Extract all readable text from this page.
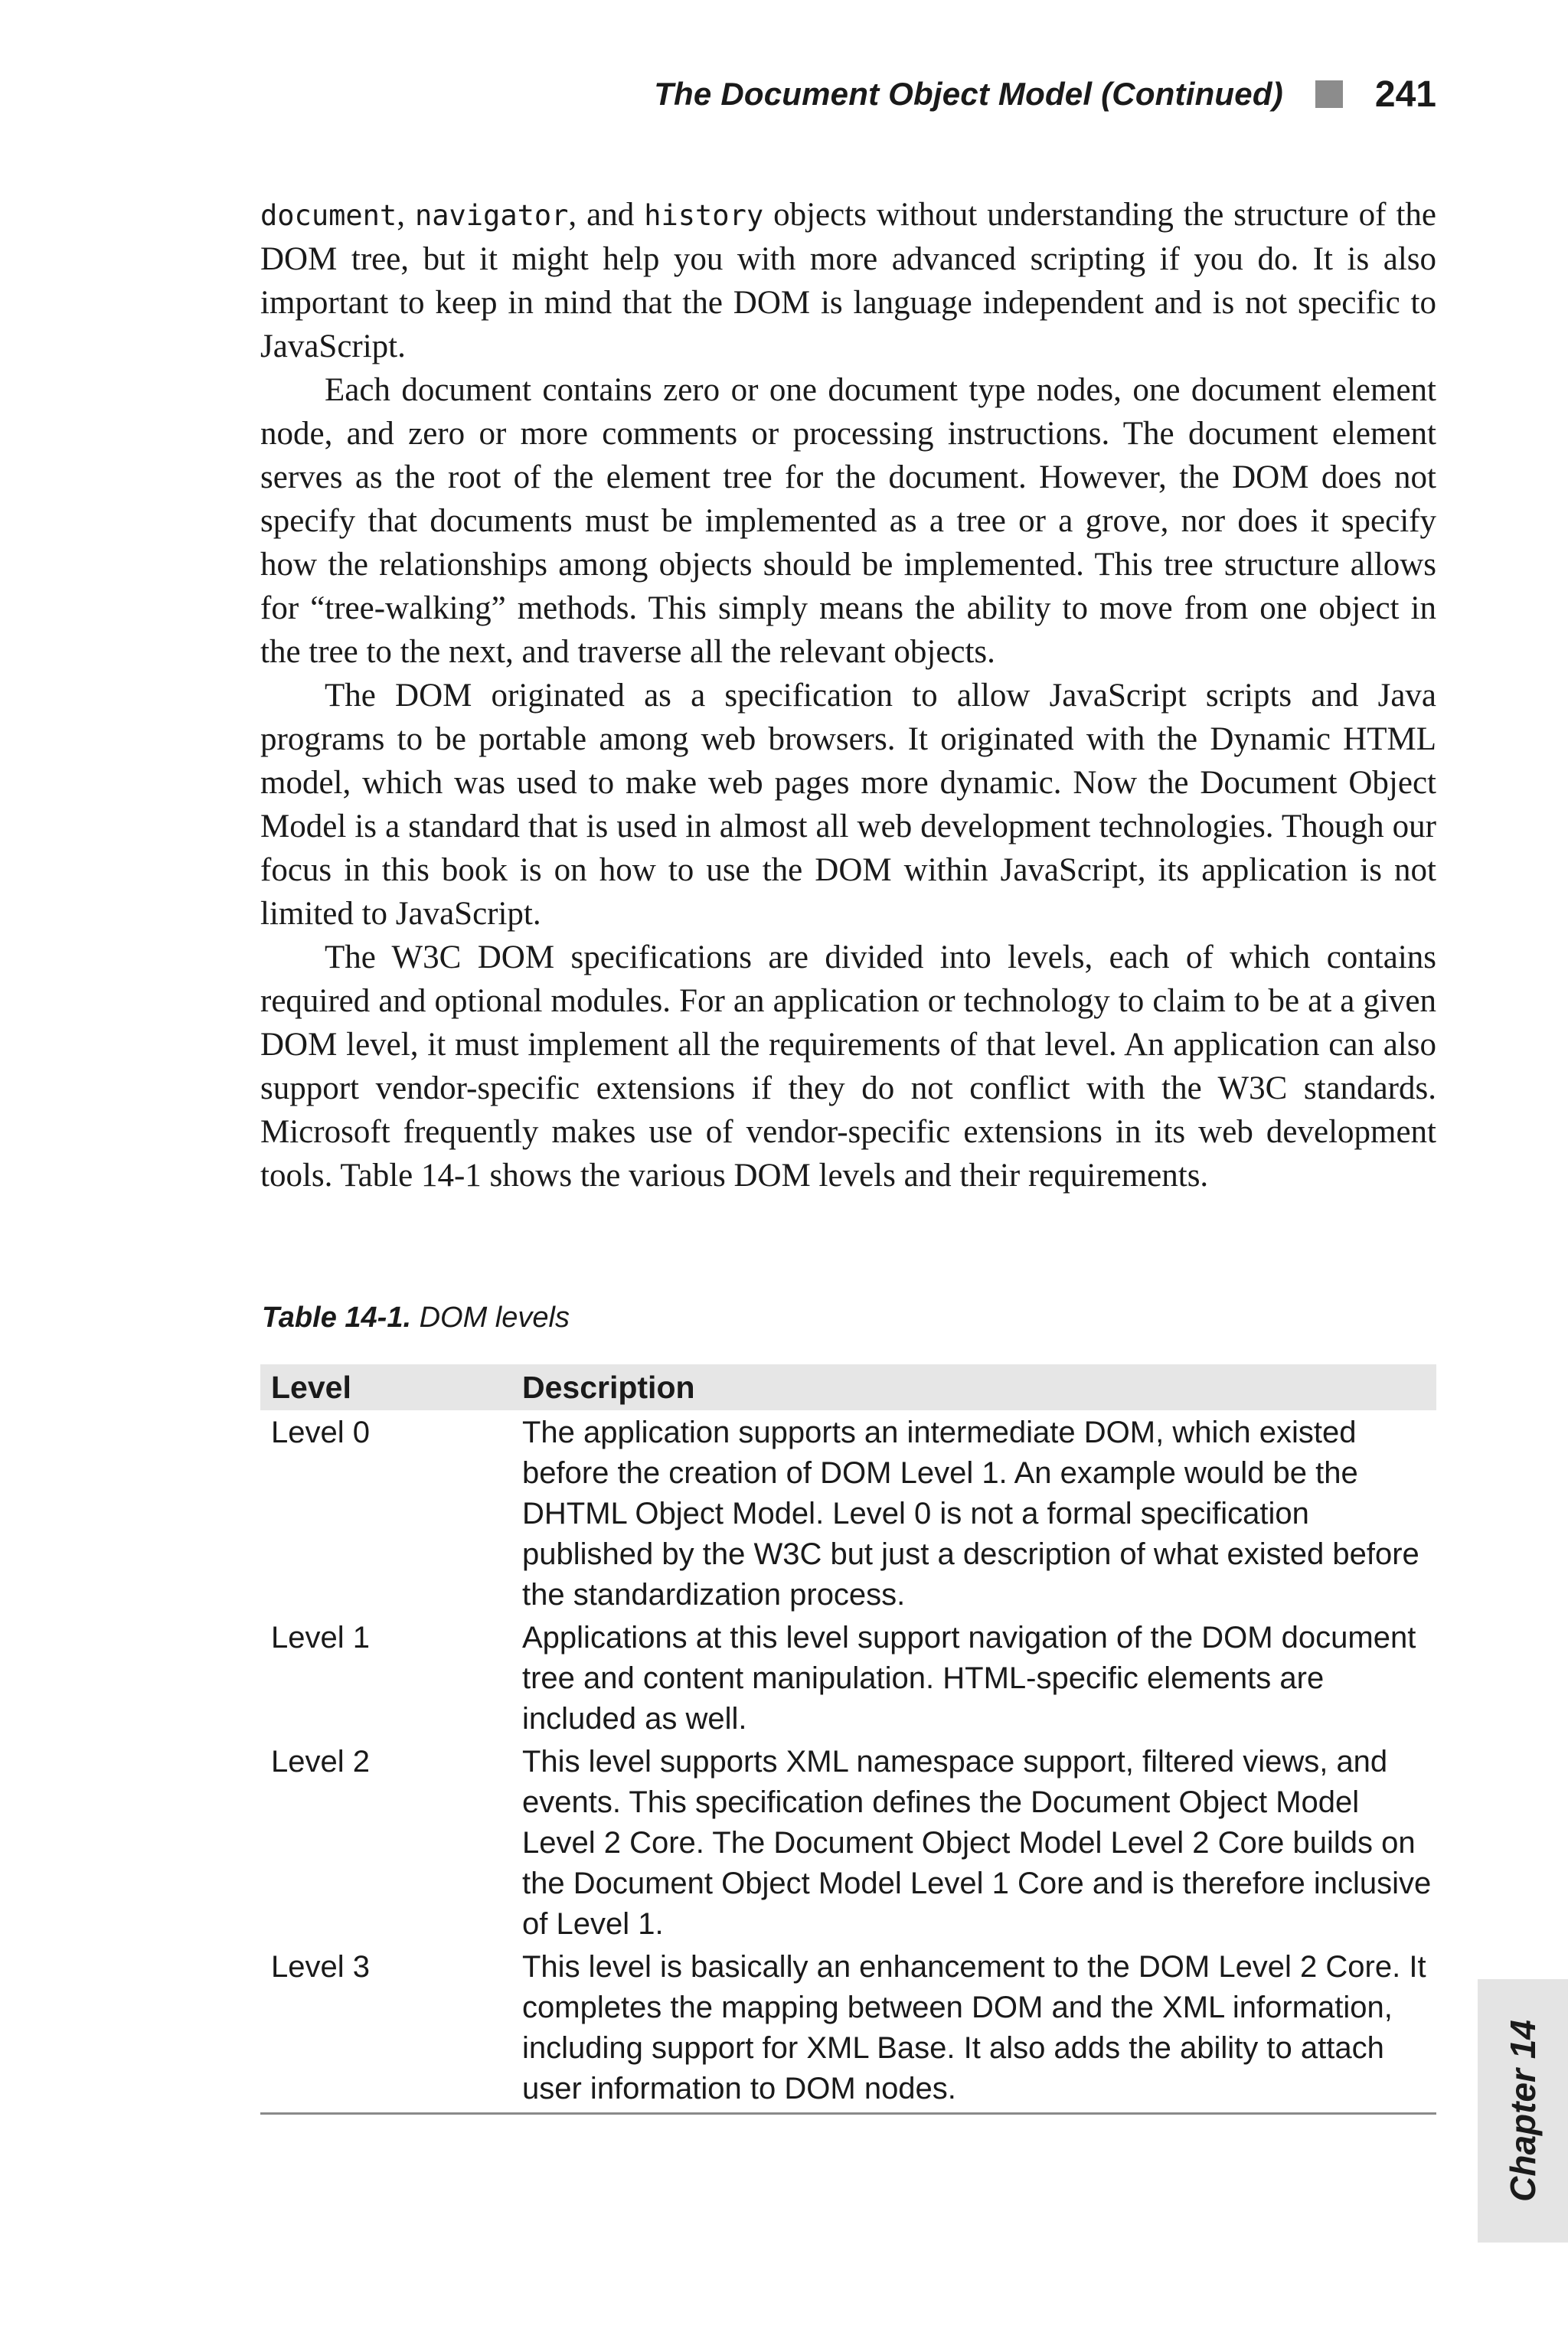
The Document Object Model (Continued)	241

document, navigator, and history objects without understanding the structure of the DOM tree, but it might help you with more advanced scripting if you do. It is also important to keep in mind that the DOM is language independent and is not specific to JavaScript.

Each document contains zero or one document type nodes, one document element node, and zero or more comments or processing instructions. The document element serves as the root of the element tree for the document. However, the DOM does not specify that documents must be implemented as a tree or a grove, nor does it specify how the relationships among objects should be implemented. This tree structure allows for “tree-walking” methods. This simply means the ability to move from one object in the tree to the next, and traverse all the relevant objects.

The DOM originated as a specification to allow JavaScript scripts and Java programs to be portable among web browsers. It originated with the Dynamic HTML model, which was used to make web pages more dynamic. Now the Document Object Model is a standard that is used in almost all web development technologies. Though our focus in this book is on how to use the DOM within JavaScript, its application is not limited to JavaScript.

The W3C DOM specifications are divided into levels, each of which contains required and optional modules. For an application or technology to claim to be at a given DOM level, it must implement all the requirements of that level. An application can also support vendor-specific extensions if they do not conflict with the W3C standards. Microsoft frequently makes use of vendor-specific extensions in its web development tools. Table 14-1 shows the various DOM levels and their requirements.

Table 14-1. DOM levels
Level	Description
Level 0	The application supports an intermediate DOM, which existed before the creation of DOM Level 1. An example would be the DHTML Object Model. Level 0 is not a formal specification published by the W3C but just a description of what existed before the standardization process.
Level 1	Applications at this level support navigation of the DOM document tree and content manipulation. HTML-specific elements are included as well.
Level 2	This level supports XML namespace support, filtered views, and events. This specification defines the Document Object Model Level 2 Core. The Document Object Model Level 2 Core builds on the Document Object Model Level 1 Core and is therefore inclusive of Level 1.
Level 3	This level is basically an enhancement to the DOM Level 2 Core. It completes the mapping between DOM and the XML information, including support for XML Base. It also adds the ability to attach user information to DOM nodes.	Chapter 14
